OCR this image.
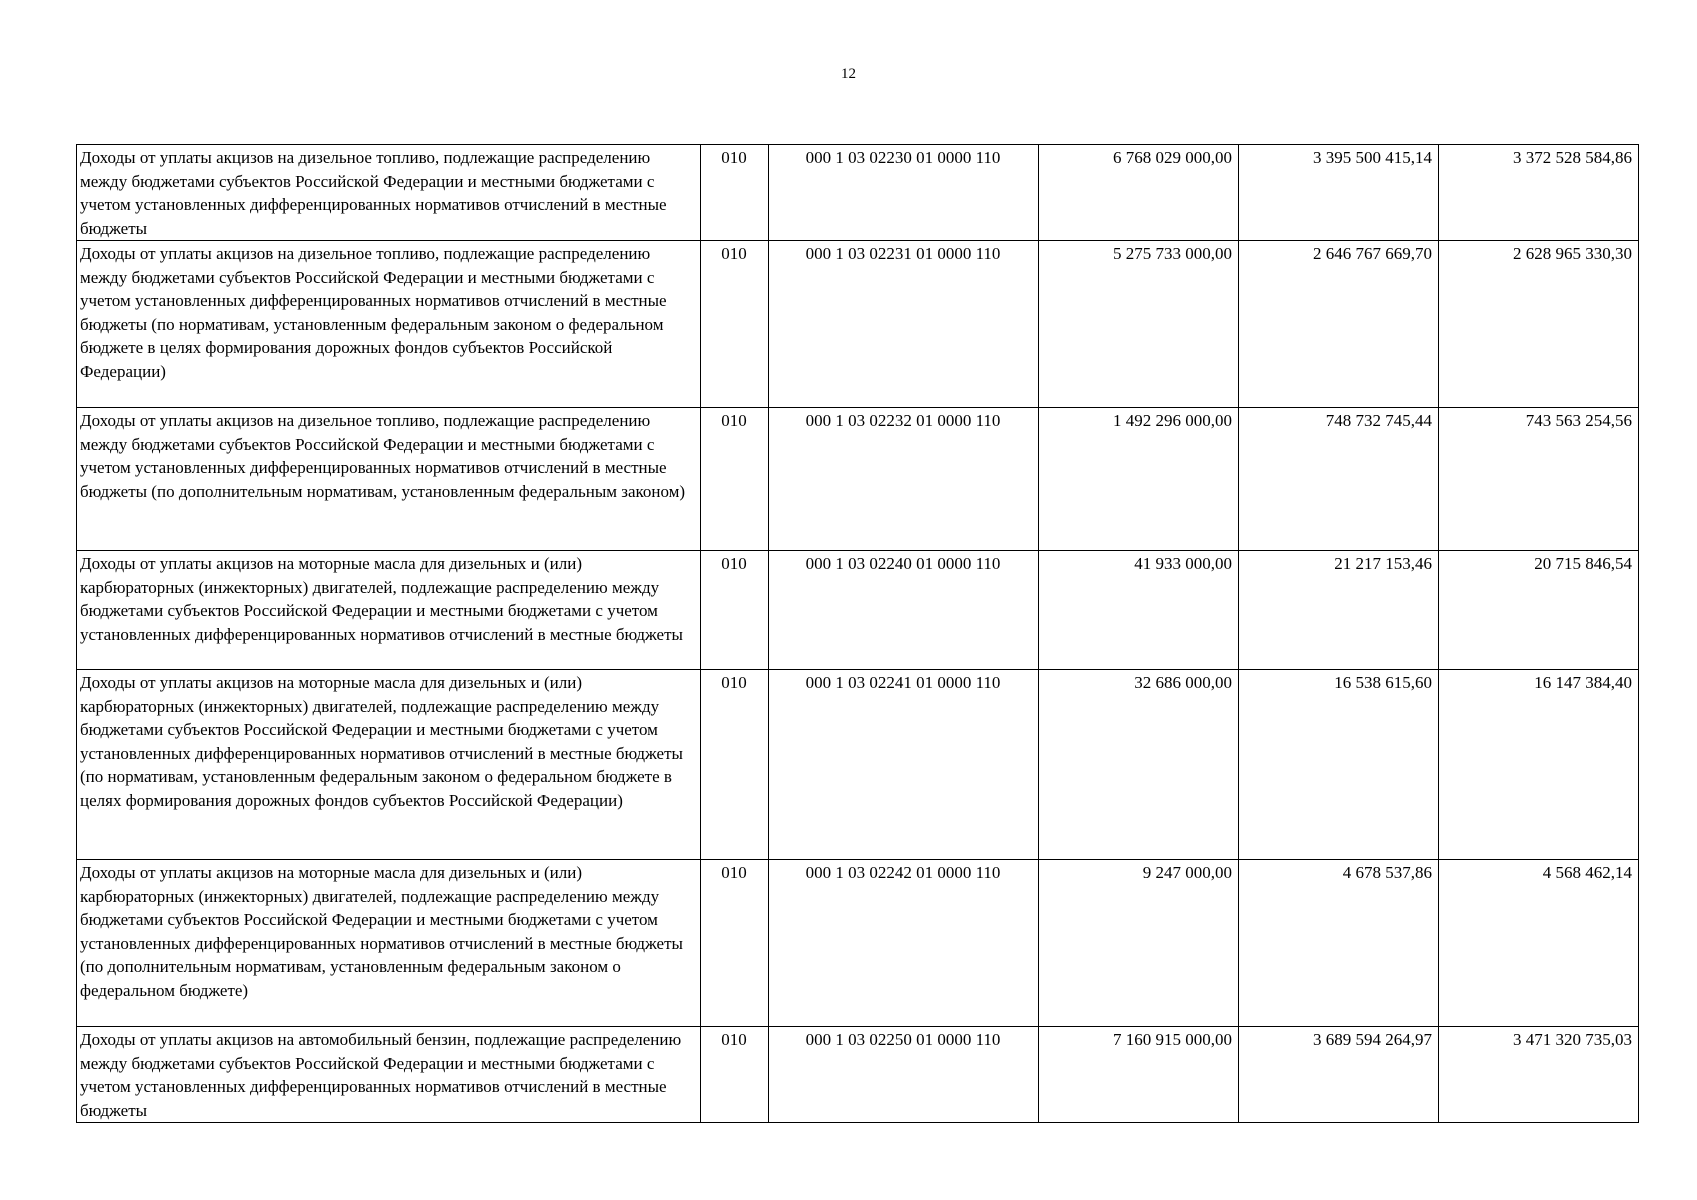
12
Доходы от уплаты акцизов на дизельное топливо, подлежащие распределению между бюджетами субъектов Российской Федерации и местными бюджетами с учетом установленных дифференцированных нормативов отчислений в местные бюджеты	010	000 1 03 02230 01 0000 110	6 768 029 000,00	3 395 500 415,14	3 372 528 584,86
Доходы от уплаты акцизов на дизельное топливо, подлежащие распределению между бюджетами субъектов Российской Федерации и местными бюджетами с учетом установленных дифференцированных нормативов отчислений в местные бюджеты (по нормативам, установленным федеральным законом о федеральном бюджете в целях формирования дорожных фондов субъектов Российской Федерации)	010	000 1 03 02231 01 0000 110	5 275 733 000,00	2 646 767 669,70	2 628 965 330,30
Доходы от уплаты акцизов на дизельное топливо, подлежащие распределению между бюджетами субъектов Российской Федерации и местными бюджетами с учетом установленных дифференцированных нормативов отчислений в местные бюджеты (по дополнительным нормативам, установленным федеральным законом)	010	000 1 03 02232 01 0000 110	1 492 296 000,00	748 732 745,44	743 563 254,56
Доходы от уплаты акцизов на моторные масла для дизельных и (или) карбюраторных (инжекторных) двигателей, подлежащие распределению между бюджетами субъектов Российской Федерации и местными бюджетами с учетом установленных дифференцированных нормативов отчислений в местные бюджеты	010	000 1 03 02240 01 0000 110	41 933 000,00	21 217 153,46	20 715 846,54
Доходы от уплаты акцизов на моторные масла для дизельных и (или) карбюраторных (инжекторных) двигателей, подлежащие распределению между бюджетами субъектов Российской Федерации и местными бюджетами с учетом установленных дифференцированных нормативов отчислений в местные бюджеты (по нормативам, установленным федеральным законом о федеральном бюджете в целях формирования дорожных фондов субъектов Российской Федерации)	010	000 1 03 02241 01 0000 110	32 686 000,00	16 538 615,60	16 147 384,40
Доходы от уплаты акцизов на моторные масла для дизельных и (или) карбюраторных (инжекторных) двигателей, подлежащие распределению между бюджетами субъектов Российской Федерации и местными бюджетами с учетом установленных дифференцированных нормативов отчислений в местные бюджеты (по дополнительным нормативам, установленным федеральным законом о федеральном бюджете)	010	000 1 03 02242 01 0000 110	9 247 000,00	4 678 537,86	4 568 462,14
Доходы от уплаты акцизов на автомобильный бензин, подлежащие распределению между бюджетами субъектов Российской Федерации и местными бюджетами с учетом установленных дифференцированных нормативов отчислений в местные бюджеты	010	000 1 03 02250 01 0000 110	7 160 915 000,00	3 689 594 264,97	3 471 320 735,03
